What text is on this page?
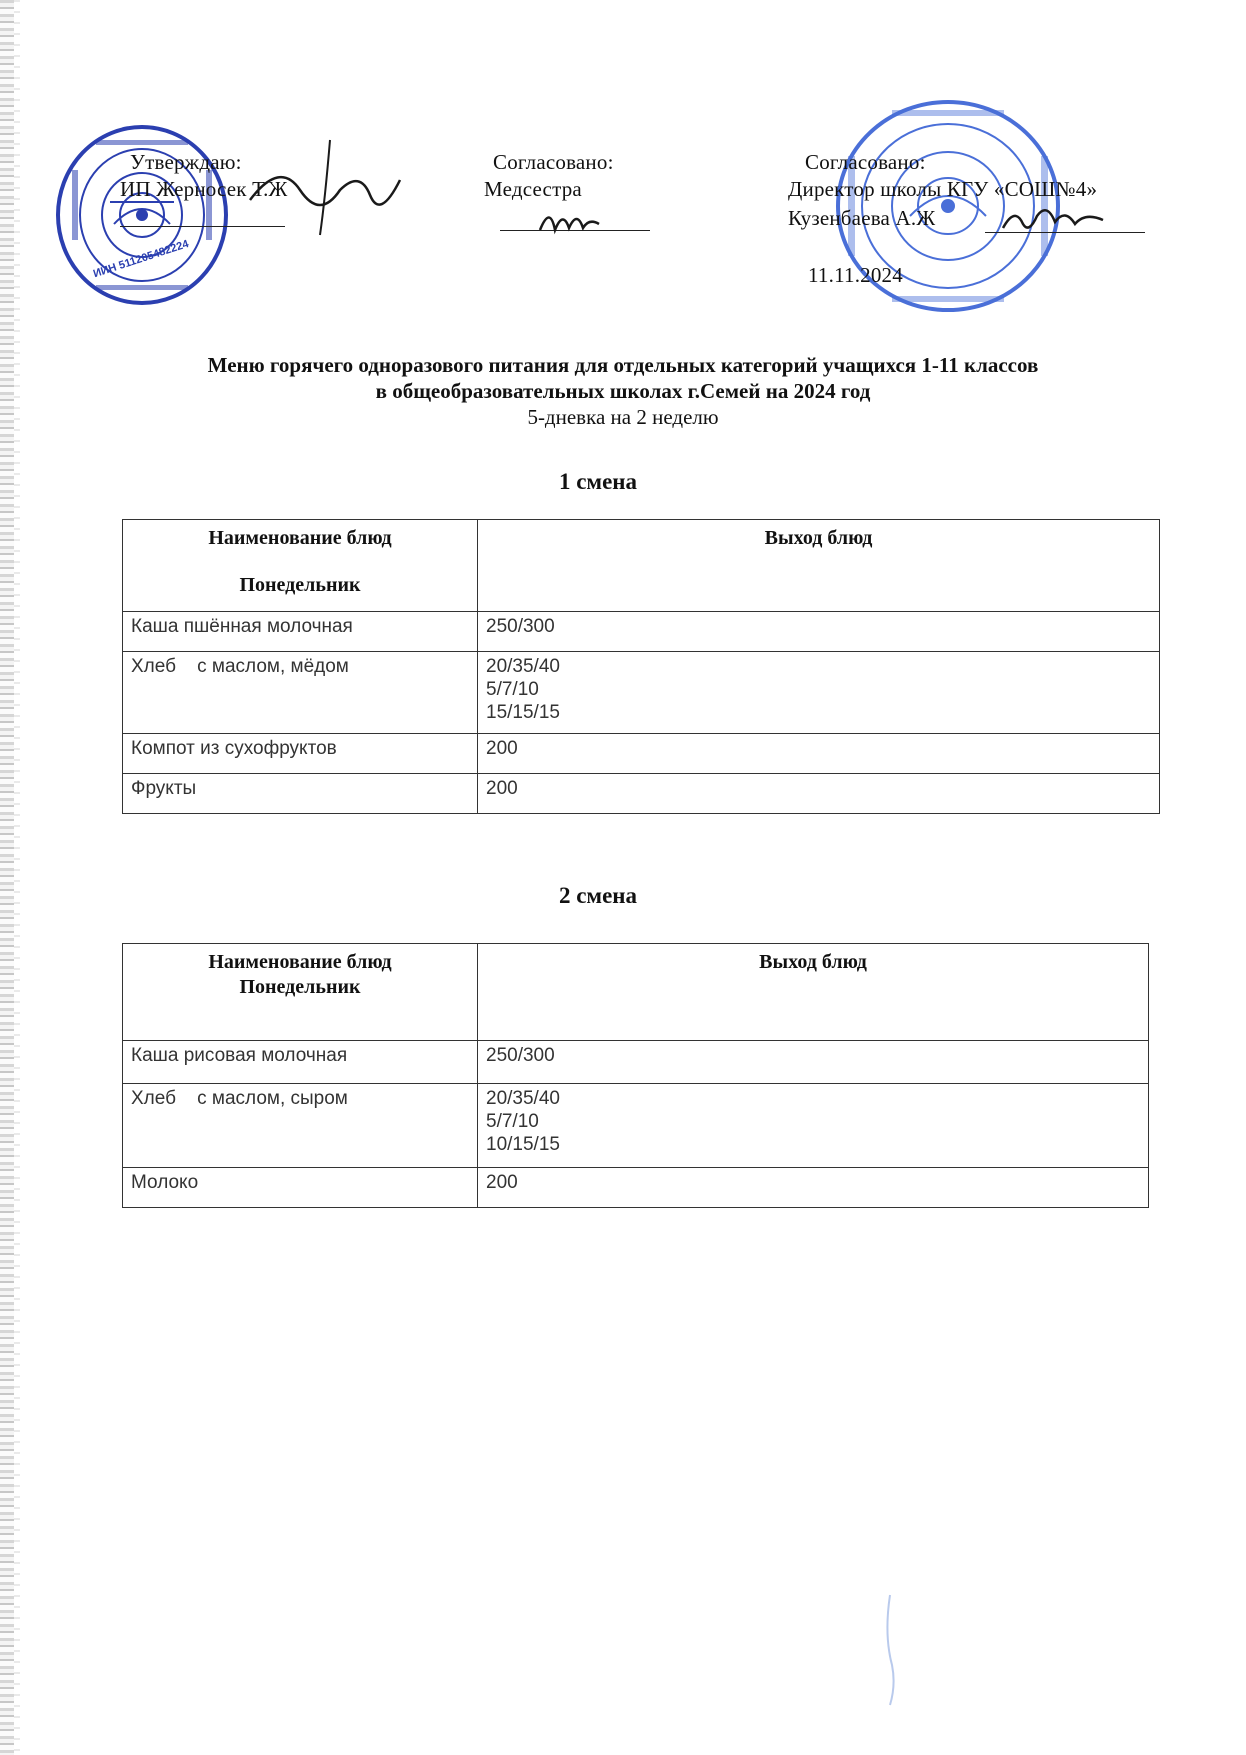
ИИН 511205482224
Утверждаю:
ИП Жерносек Т.Ж
Согласовано:
Медсестра
Согласовано:
Директор школы КГУ «СОШ№4»
Кузенбаева А.Ж
11.11.2024
Меню горячего одноразового питания для отдельных категорий учащихся 1-11 классов
в общеобразовательных школах г.Семей на 2024 год
5-дневка на 2 неделю
1 смена
Наименование блюд
Понедельник	Выход блюд
Каша пшённая молочная	250/300
Хлеб    с маслом, мёдом	20/35/40
5/7/10
15/15/15

Компот из сухофруктов	200
Фрукты	200
2 смена
Наименование блюд
Понедельник	Выход блюд
Каша рисовая молочная	250/300
Хлеб    с маслом, сыром	20/35/40
5/7/10
10/15/15

Молоко	200
